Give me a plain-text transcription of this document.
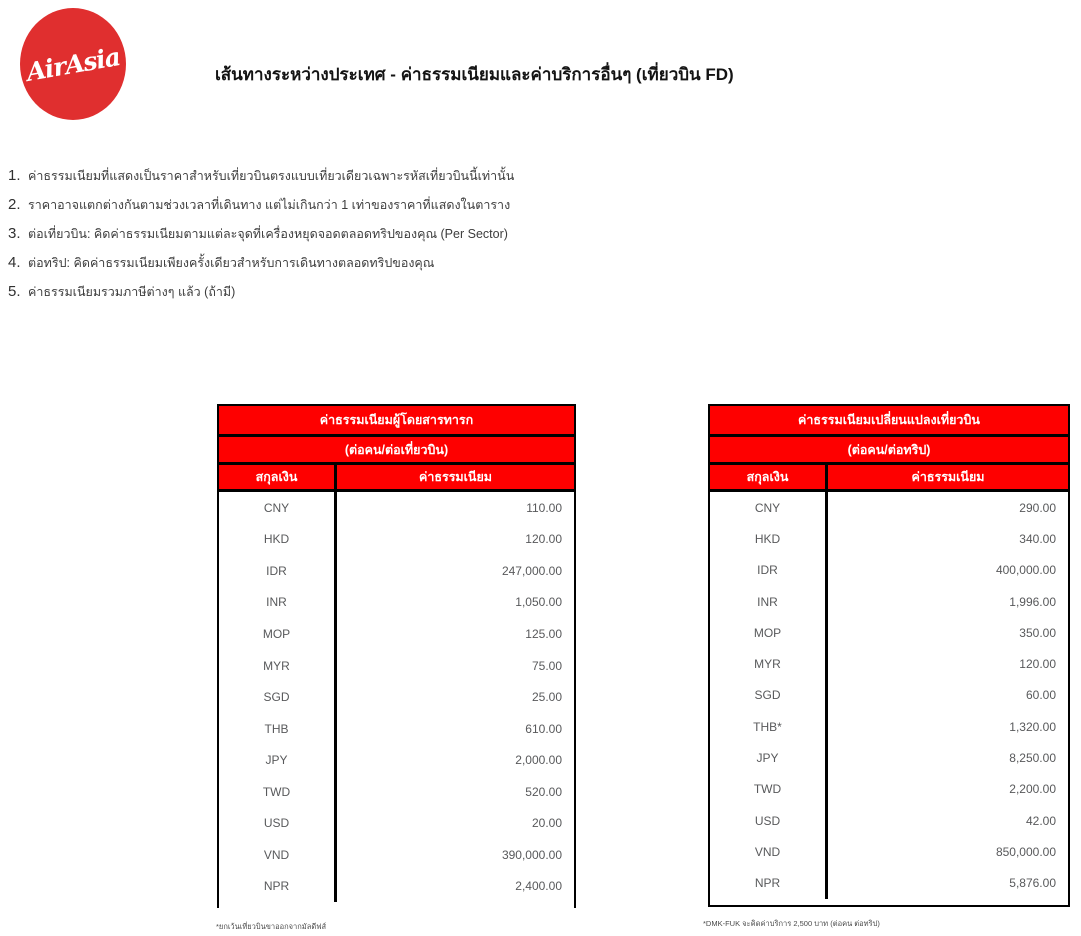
AirAsia	เส้นทางระหว่างประเทศ - ค่าธรรมเนียมและค่าบริการอื่นๆ (เที่ยวบิน FD)
1. ค่าธรรมเนียมที่แสดงเป็นราคาสำหรับเที่ยวบินตรงแบบเที่ยวเดียวเฉพาะรหัสเที่ยวบินนี้เท่านั้น
2. ราคาอาจแตกต่างกันตามช่วงเวลาที่เดินทาง แต่ไม่เกินกว่า 1 เท่าของราคาที่แสดงในตาราง
3. ต่อเที่ยวบิน: คิดค่าธรรมเนียมตามแต่ละจุดที่เครื่องหยุดจอดตลอดทริปของคุณ (Per Sector)
4. ต่อทริป: คิดค่าธรรมเนียมเพียงครั้งเดียวสำหรับการเดินทางตลอดทริปของคุณ
5. ค่าธรรมเนียมรวมภาษีต่างๆ แล้ว (ถ้ามี)
ค่าธรรมเนียมผู้โดยสารทารก
(ต่อคน/ต่อเที่ยวบิน)
สกุลเงิน	ค่าธรรมเนียม
CNY	110.00
HKD	120.00
IDR	247,000.00
INR	1,050.00
MOP	125.00
MYR	75.00
SGD	25.00
THB	610.00
JPY	2,000.00
TWD	520.00
USD	20.00
VND	390,000.00
NPR	2,400.00
ค่าธรรมเนียมเปลี่ยนแปลงเที่ยวบิน
(ต่อคน/ต่อทริป)
สกุลเงิน	ค่าธรรมเนียม
CNY	290.00
HKD	340.00
IDR	400,000.00
INR	1,996.00
MOP	350.00
MYR	120.00
SGD	60.00
THB*	1,320.00
JPY	8,250.00
TWD	2,200.00
USD	42.00
VND	850,000.00
NPR	5,876.00
*ยกเว้นเที่ยวบินขาออกจากมัลดีฟส์	*DMK-FUK จะคิดค่าบริการ 2,500 บาท (ต่อคน ต่อทริป)
